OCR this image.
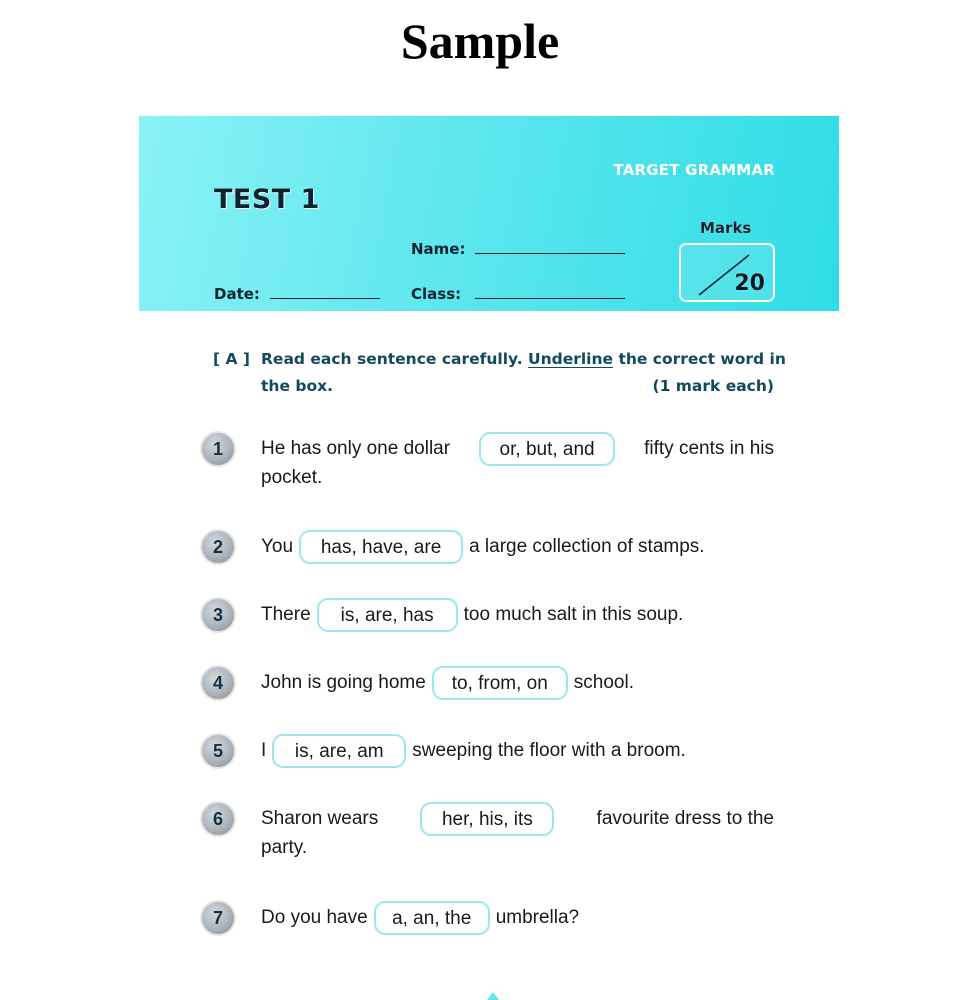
Sample
TEST 1
TARGET GRAMMAR
Name:
Date:	Class:
Marks
20
[ A ] Read each sentence carefully. Underline the correct word in
the box.	(1 mark each)
1	He has only one dollar	or, but, and	fifty cents in his
pocket.
2	You	has, have, are	a large collection of stamps.
3	There	is, are, has	too much salt in this soup.
4	John is going home	to, from, on	school.
5	I	is, are, am	sweeping the floor with a broom.
6	Sharon wears	her, his, its	favourite dress to the
party.
7	Do you have	a, an, the	umbrella?
